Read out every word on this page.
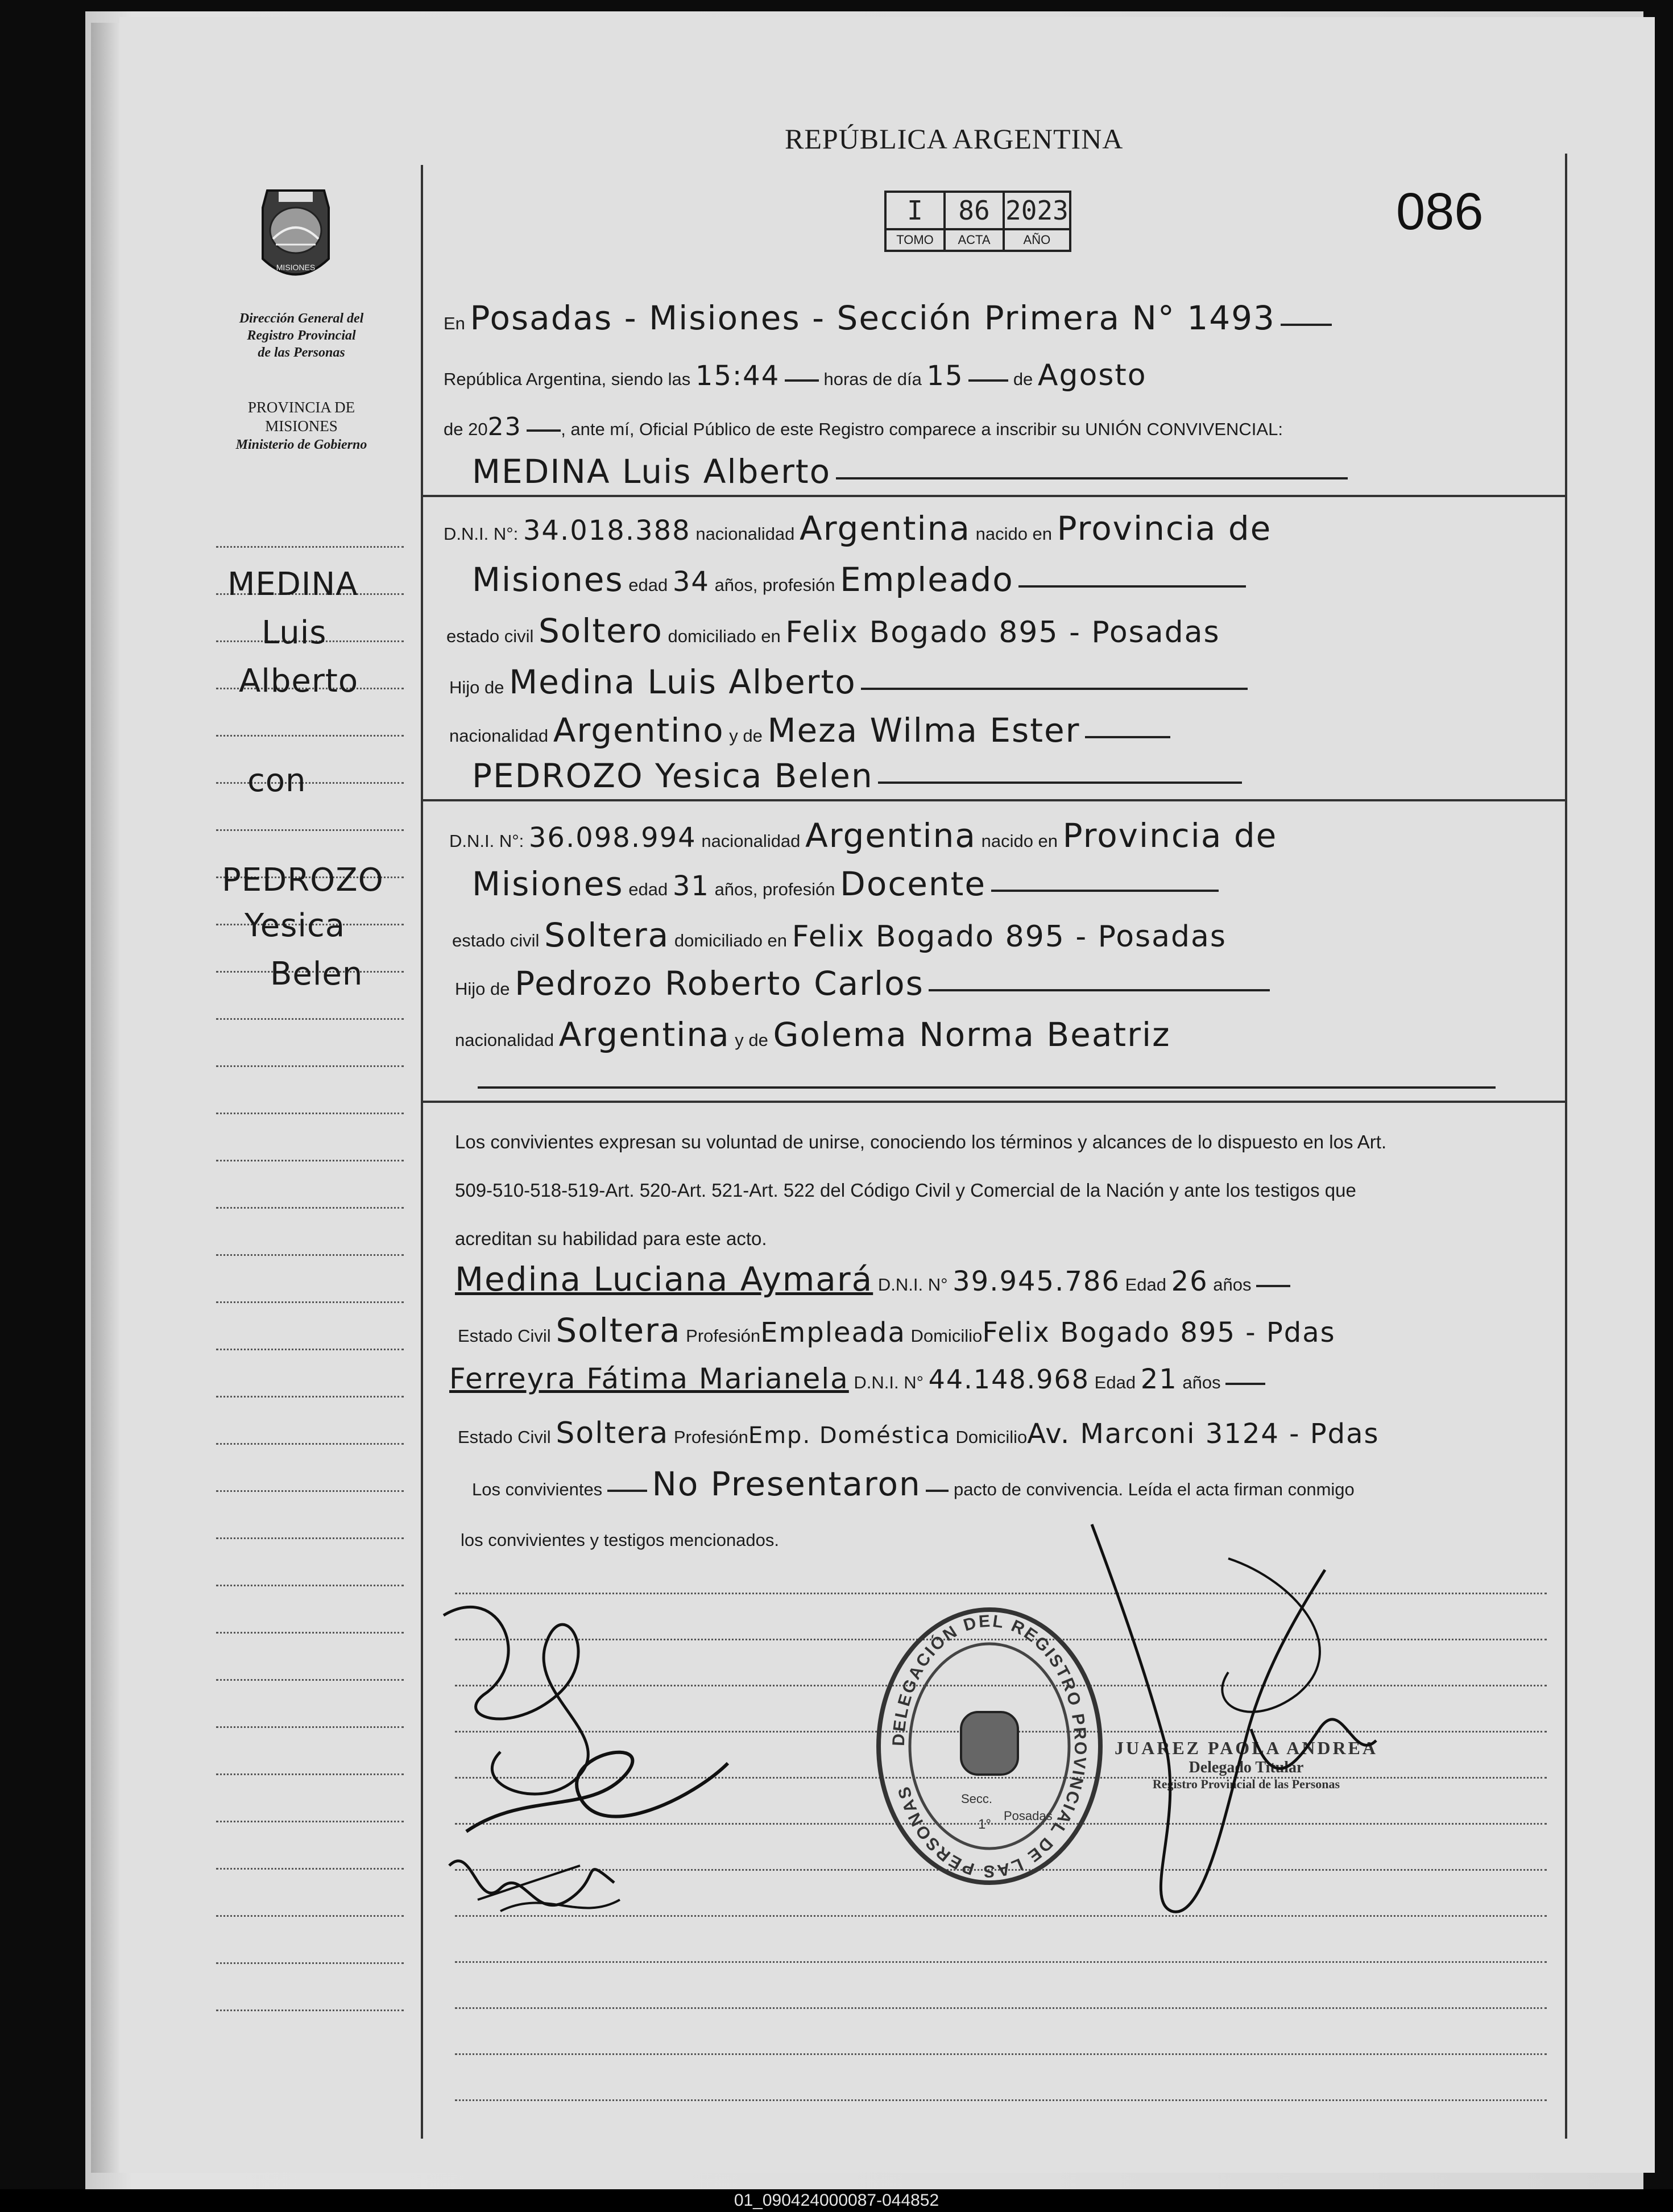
REPÚBLICA ARGENTINA
086
I	86	2023
TOMO	ACTA	AÑO
MISIONES
Dirección General del
Registro Provincial
de las Personas
PROVINCIA DE
MISIONES
Ministerio de Gobierno
MEDINA
Luis
Alberto
con
PEDROZO
Yesica
Belen
En Posadas - Misiones - Sección Primera N° 1493
República Argentina, siendo las 15:44 horas de día 15	de Agosto
de 2023 , ante mí, Oficial Público de este Registro comparece a inscribir su UNIÓN CONVIVENCIAL:
MEDINA Luis Alberto
D.N.I. N°: 34.018.388 nacionalidad Argentina nacido en Provincia de
Misiones edad 34 años, profesión Empleado
estado civil Soltero domiciliado en Felix Bogado 895 - Posadas
Hijo de Medina Luis Alberto
nacionalidad Argentino y de Meza Wilma Ester
PEDROZO Yesica Belen
D.N.I. N°: 36.098.994 nacionalidad Argentina nacido en Provincia de
Misiones edad 31 años, profesión Docente
estado civil Soltera domiciliado en Felix Bogado 895 - Posadas
Hijo de Pedrozo Roberto Carlos
nacionalidad Argentina y de Golema Norma Beatriz
Los convivientes expresan su voluntad de unirse, conociendo los términos y alcances de lo dispuesto en los Art.
509-510-518-519-Art. 520-Art. 521-Art. 522 del Código Civil y Comercial de la Nación y ante los testigos que
acreditan su habilidad para este acto.
Medina Luciana Aymará D.N.I. N° 39.945.786 Edad 26 años
Estado Civil Soltera ProfesiónEmpleada DomicilioFelix Bogado 895 - Pdas
Ferreyra Fátima Marianela D.N.I. N° 44.148.968 Edad 21 años
Estado Civil Soltera ProfesiónEmp. Doméstica DomicilioAv. Marconi 3124 - Pdas
Los convivientes No Presentaron pacto de convivencia. Leída el acta firman conmigo
los convivientes y testigos mencionados.
DELEGACIÓN DEL REGISTRO PROVINCIAL DE LAS PERSONAS	Secc.
1°
Posadas
JUAREZ PAOLA ANDREA
Delegado Titular
Registro Provincial de las Personas
01_090424000087-044852
